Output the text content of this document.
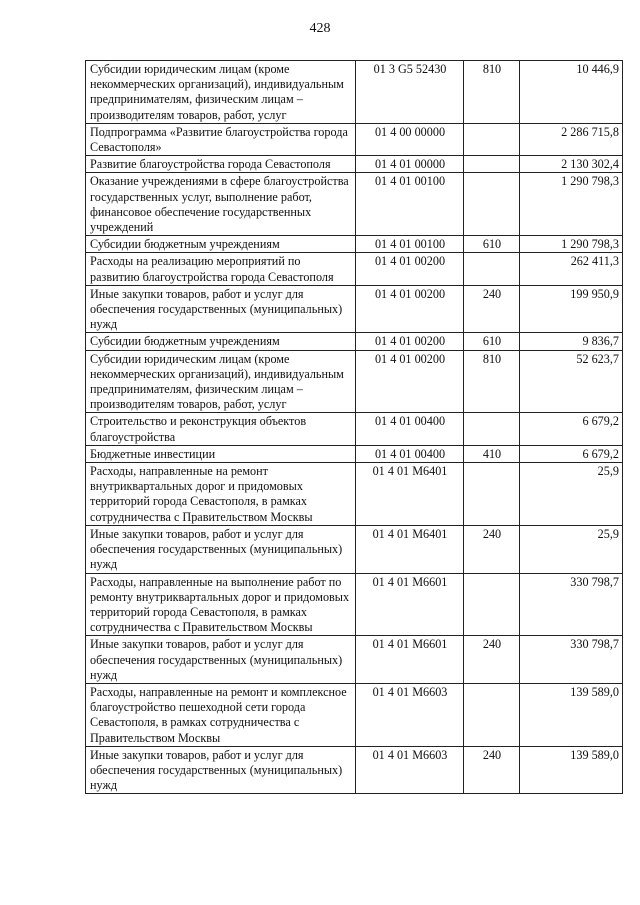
428
Субсидии юридическим лицам (кроме некоммерческих организаций), индивидуальным предпринимателям, физическим лицам – производителям товаров, работ, услуг	01 3 G5 52430	810	10 446,9
Подпрограмма «Развитие благоустройства города Севастополя»	01 4 00 00000		2 286 715,8
Развитие благоустройства города Севастополя	01 4 01 00000		2 130 302,4
Оказание учреждениями в сфере благоустройства государственных услуг, выполнение работ, финансовое обеспечение государственных учреждений	01 4 01 00100		1 290 798,3
Субсидии бюджетным учреждениям	01 4 01 00100	610	1 290 798,3
Расходы на реализацию мероприятий по развитию благоустройства города Севастополя	01 4 01 00200		262 411,3
Иные закупки товаров, работ и услуг для обеспечения государственных (муниципальных) нужд	01 4 01 00200	240	199 950,9
Субсидии бюджетным учреждениям	01 4 01 00200	610	9 836,7
Субсидии юридическим лицам (кроме некоммерческих организаций), индивидуальным предпринимателям, физическим лицам – производителям товаров, работ, услуг	01 4 01 00200	810	52 623,7
Строительство и реконструкция объектов благоустройства	01 4 01 00400		6 679,2
Бюджетные инвестиции	01 4 01 00400	410	6 679,2
Расходы, направленные на ремонт внутриквартальных дорог и придомовых территорий города Севастополя, в рамках сотрудничества с Правительством Москвы	01 4 01 M6401		25,9
Иные закупки товаров, работ и услуг для обеспечения государственных (муниципальных) нужд	01 4 01 M6401	240	25,9
Расходы, направленные на выполнение работ по ремонту внутриквартальных дорог и придомовых территорий города Севастополя, в рамках сотрудничества с Правительством Москвы	01 4 01 M6601		330 798,7
Иные закупки товаров, работ и услуг для обеспечения государственных (муниципальных) нужд	01 4 01 M6601	240	330 798,7
Расходы, направленные на ремонт и комплексное благоустройство пешеходной сети города Севастополя, в рамках сотрудничества с Правительством Москвы	01 4 01 M6603		139 589,0
Иные закупки товаров, работ и услуг для обеспечения государственных (муниципальных) нужд	01 4 01 M6603	240	139 589,0
